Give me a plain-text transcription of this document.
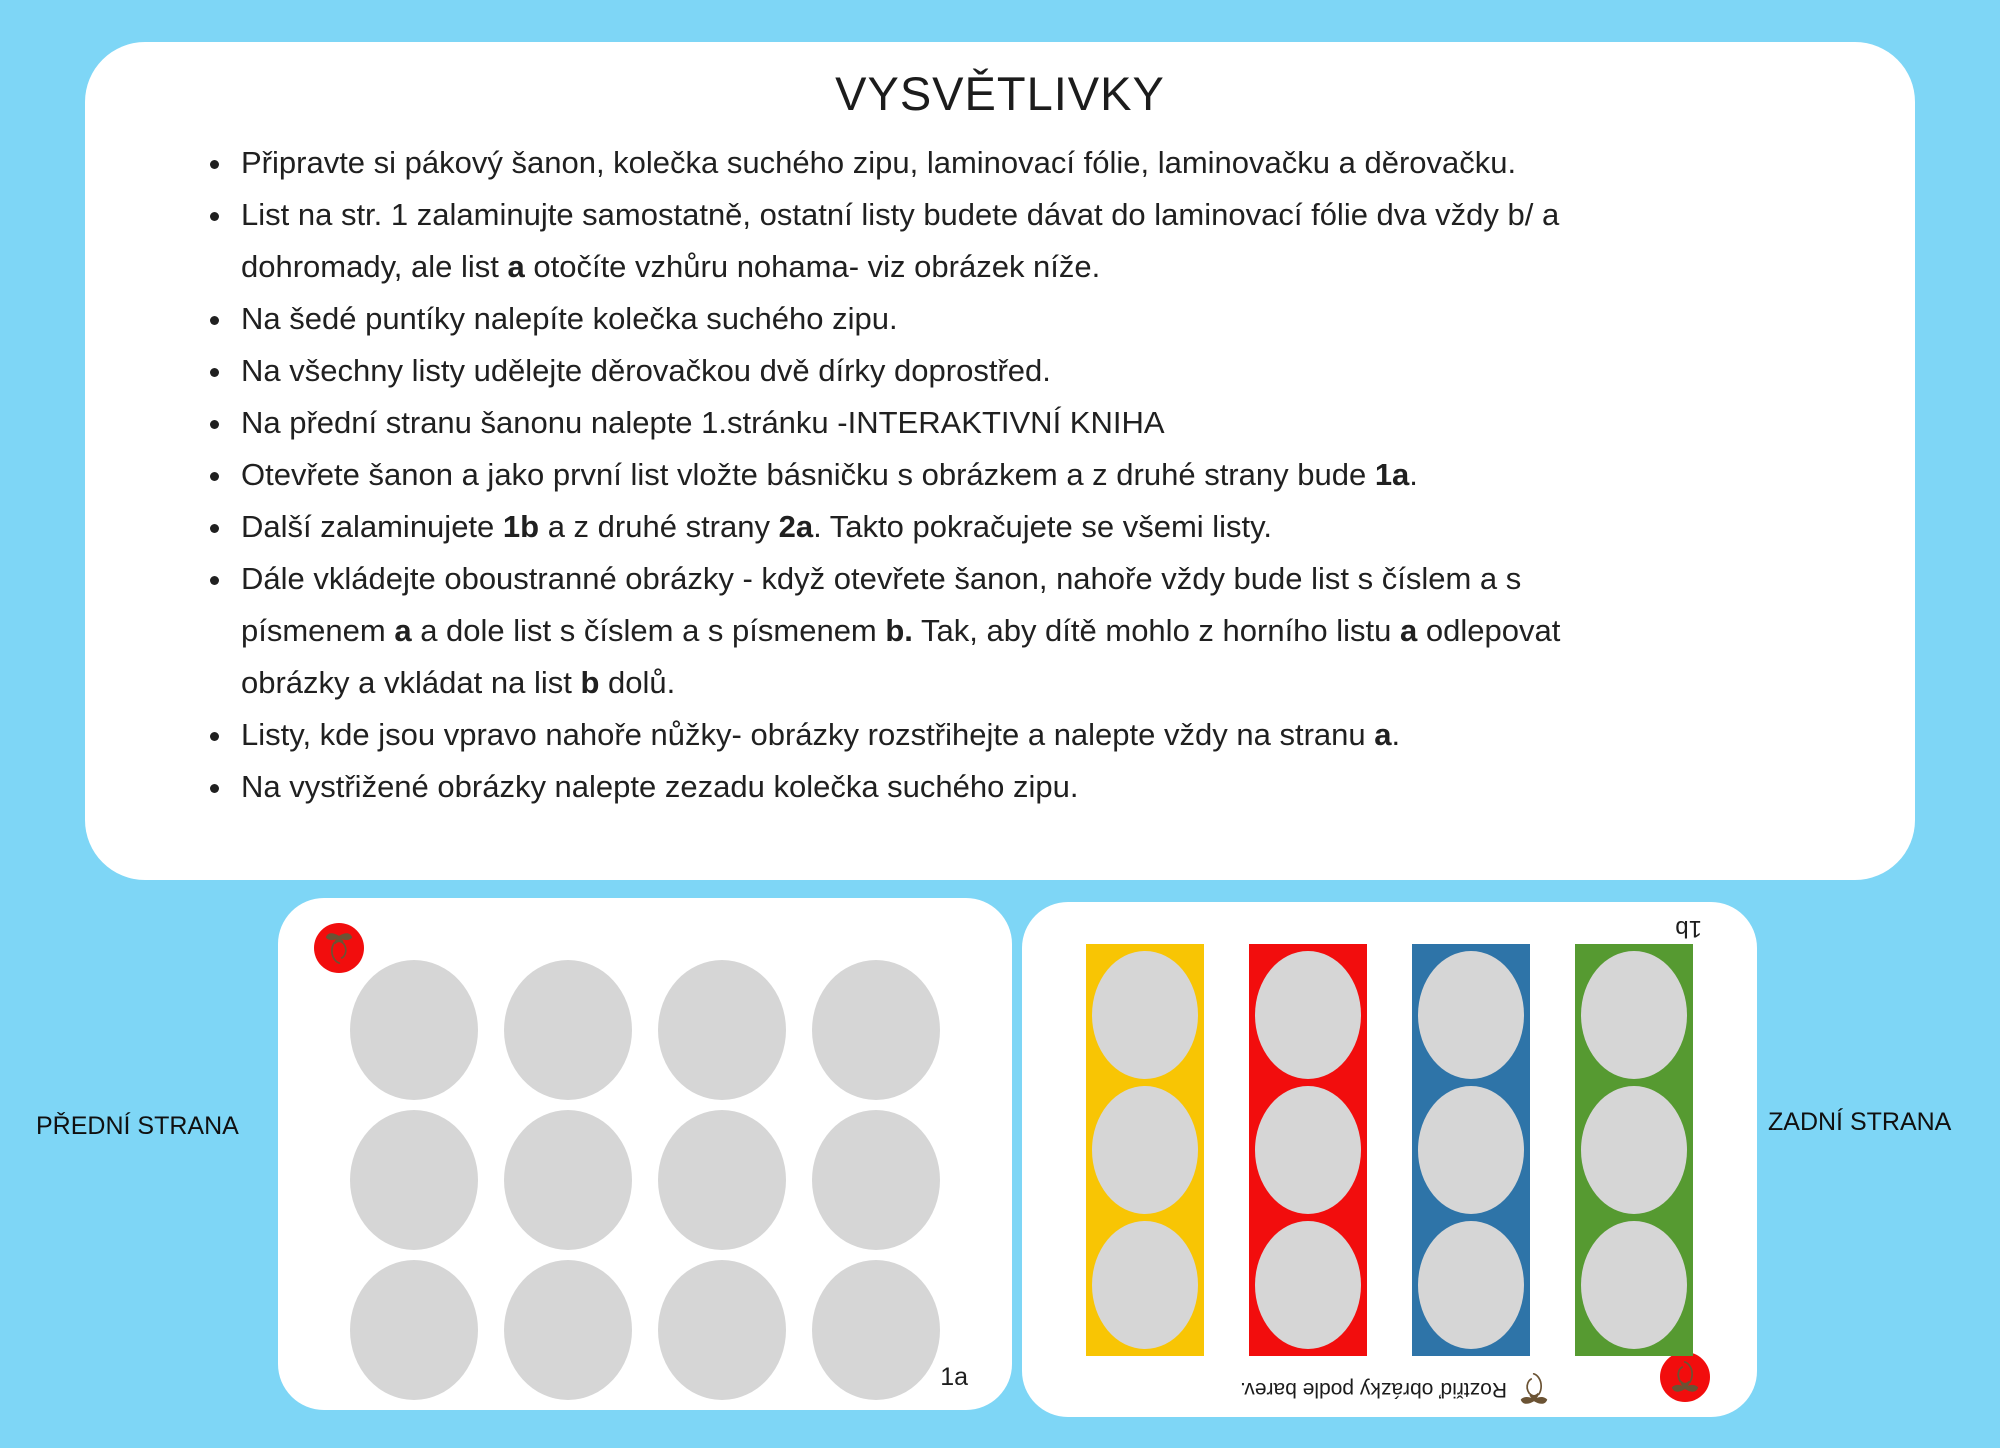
VYSVĚTLIVKY
• Připravte si pákový šanon, kolečka suchého zipu, laminovací fólie, laminovačku a děrovačku.
• List na str. 1 zalaminujte samostatně, ostatní listy budete dávat do laminovací fólie dva vždy b/ a dohromady, ale list a otočíte vzhůru nohama- viz obrázek níže.
• Na šedé puntíky nalepíte kolečka suchého zipu.
• Na všechny listy udělejte děrovačkou dvě dírky doprostřed.
• Na přední stranu šanonu nalepte 1.stránku -INTERAKTIVNÍ KNIHA
• Otevřete šanon a jako první list vložte básničku s obrázkem a z druhé strany bude 1a.
• Další zalaminujete 1b a z druhé strany 2a. Takto pokračujete se všemi listy.
• Dále vkládejte oboustranné obrázky - když otevřete šanon, nahoře vždy bude list s číslem a s písmenem a a dole list s číslem a s písmenem b. Tak, aby dítě mohlo z horního listu a odlepovat obrázky a vkládat na list b dolů.
• Listy, kde jsou vpravo nahoře nůžky- obrázky rozstřihejte a nalepte vždy na stranu a.
• Na vystřižené obrázky nalepte zezadu kolečka suchého zipu.
PŘEDNÍ STRANA	ZADNÍ STRANA
1a	Roztřiď obrázky podle barev.
1b
